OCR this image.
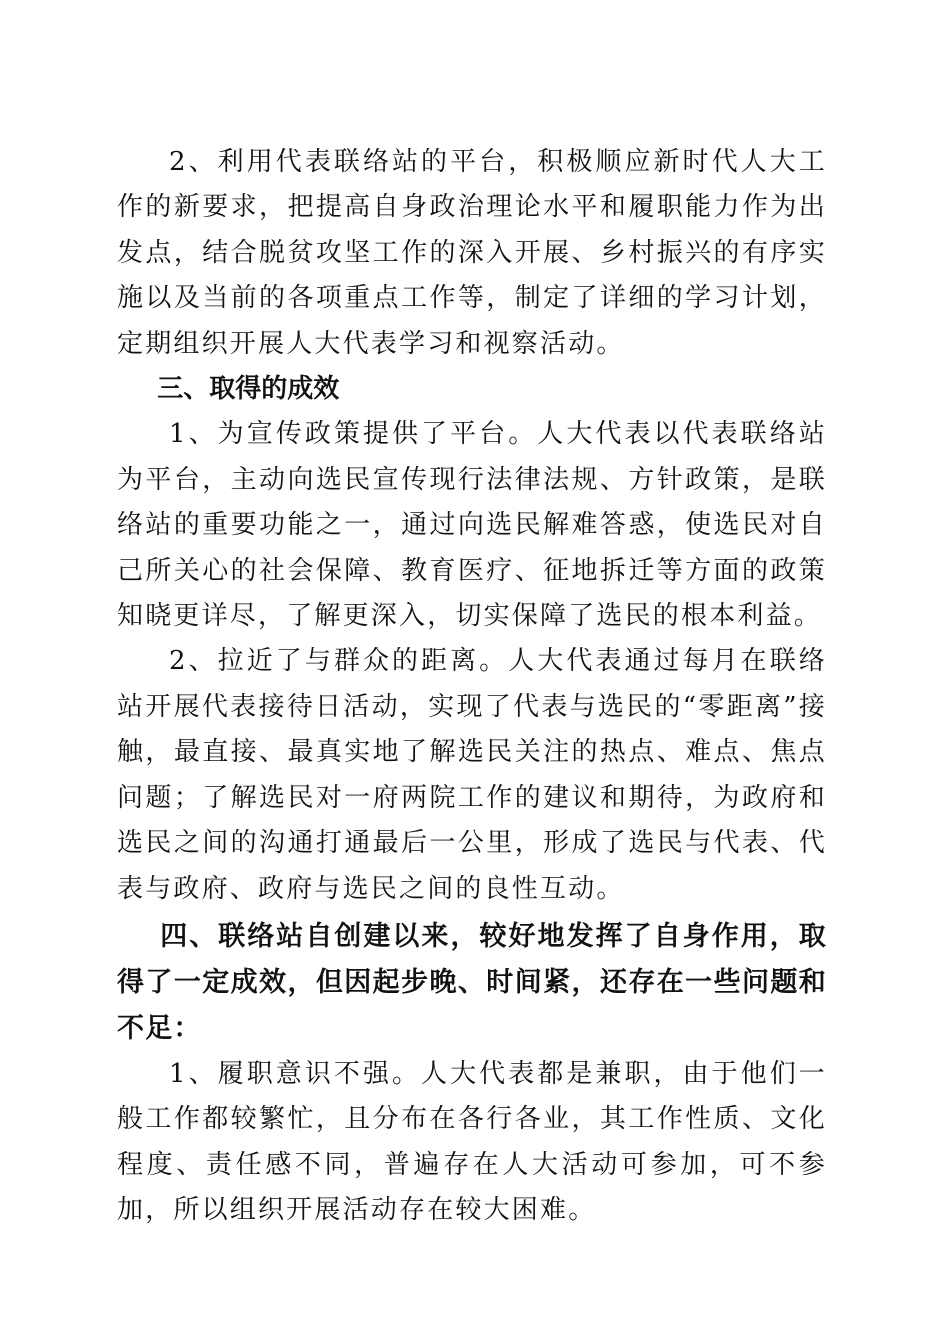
2、利用代表联络站的平台，积极顺应新时代人大工作的新要求，把提高自身政治理论水平和履职能力作为出发点，结合脱贫攻坚工作的深入开展、乡村振兴的有序实施以及当前的各项重点工作等，制定了详细的学习计划，定期组织开展人大代表学习和视察活动。

三、取得的成效

1、为宣传政策提供了平台。人大代表以代表联络站为平台，主动向选民宣传现行法律法规、方针政策，是联络站的重要功能之一，通过向选民解难答惑，使选民对自己所关心的社会保障、教育医疗、征地拆迁等方面的政策知晓更详尽，了解更深入，切实保障了选民的根本利益。

2、拉近了与群众的距离。人大代表通过每月在联络站开展代表接待日活动，实现了代表与选民的“零距离”接触，最直接、最真实地了解选民关注的热点、难点、焦点问题；了解选民对一府两院工作的建议和期待，为政府和选民之间的沟通打通最后一公里，形成了选民与代表、代表与政府、政府与选民之间的良性互动。

四、联络站自创建以来，较好地发挥了自身作用，取得了一定成效，但因起步晚、时间紧，还存在一些问题和不足：

1、履职意识不强。人大代表都是兼职，由于他们一般工作都较繁忙，且分布在各行各业，其工作性质、文化程度、责任感不同，普遍存在人大活动可参加，可不参加，所以组织开展活动存在较大困难。
